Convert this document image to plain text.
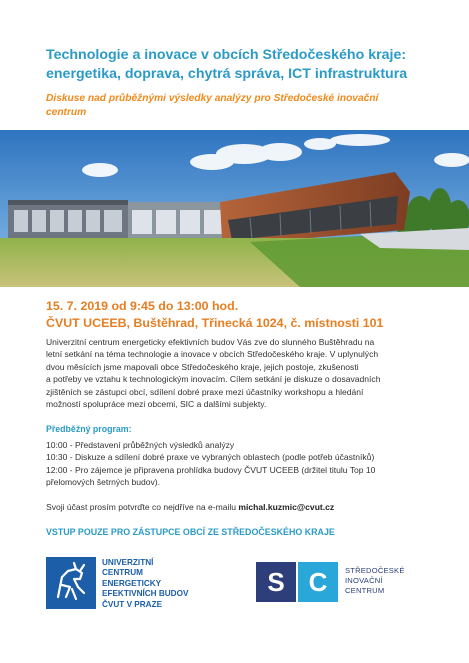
Technologie a inovace v obcích Středočeského kraje:
energetika, doprava, chytrá správa, ICT infrastruktura
Diskuse nad průběžnými výsledky analýzy pro Středočeské inovační
centrum
15. 7. 2019 od 9:45 do 13:00 hod.
ČVUT UCEEB, Buštěhrad, Třinecká 1024, č. místnosti 101
Univerzitní centrum energeticky efektivních budov Vás zve do slunného Buštěhradu na
letní setkání na téma technologie a inovace v obcích Středočeského kraje. V uplynulých
dvou měsících jsme mapovali obce Středočeského kraje, jejich postoje, zkušenosti
a potřeby ve vztahu k technologickým inovacím. Cílem setkání je diskuze o dosavadních
zjištěních se zástupci obcí, sdílení dobré praxe mezi účastníky workshopu a hledání
možností spolupráce mezi obcemi, SIC a dalšími subjekty.
Předběžný program:
10:00 - Představení průběžných výsledků analýzy
10:30 - Diskuze a sdílení dobré praxe ve vybraných oblastech (podle potřeb účastníků)
12:00 - Pro zájemce je připravena prohlídka budovy ČVUT UCEEB (držitel titulu Top 10
přelomových šetrných budov).
Svoji účast prosím potvrďte co nejdříve na e-mailu michal.kuzmic@cvut.cz
VSTUP POUZE PRO ZÁSTUPCE OBCÍ ZE STŘEDOČESKÉHO KRAJE
UNIVERZITNÍ
CENTRUM
ENERGETICKY
EFEKTIVNÍCH BUDOV
ČVUT V PRAZE
S C	STŘEDOČESKÉ
INOVAČNÍ
CENTRUM
